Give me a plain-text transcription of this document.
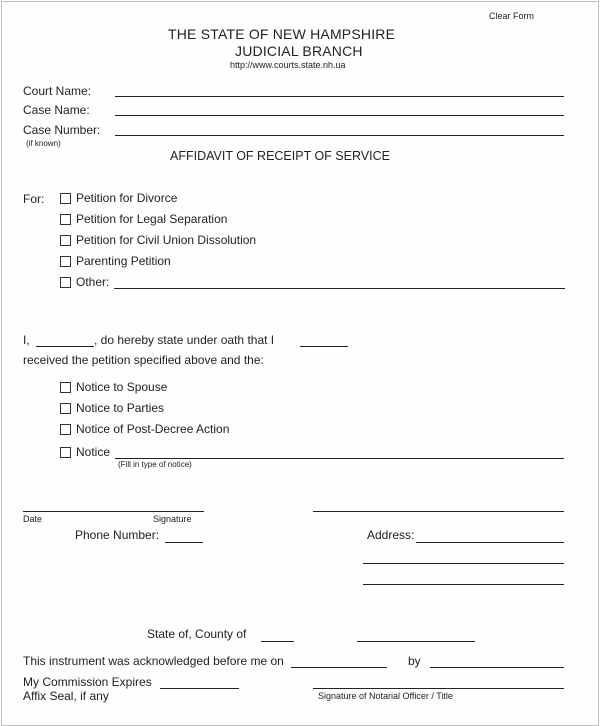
Clear Form
THE STATE OF NEW HAMPSHIRE
JUDICIAL BRANCH
http://www.courts.state.nh.ua
Court Name:
Case Name:
Case Number:
(if known)
AFFIDAVIT OF RECEIPT OF SERVICE
For:	Petition for Divorce
Petition for Legal Separation
Petition for Civil Union Dissolution
Parenting Petition
Other:
I,	, do hereby state under oath that I
received the petition specified above and the:
Notice to Spouse
Notice to Parties
Notice of Post-Decree Action
Notice
(Fill in type of notice)
Date	Signature
Phone Number:	Address:
State of, County of
This instrument was acknowledged before me on	by
My Commission Expires
Affix Seal, if any	Signature of Notarial Officer / Title
